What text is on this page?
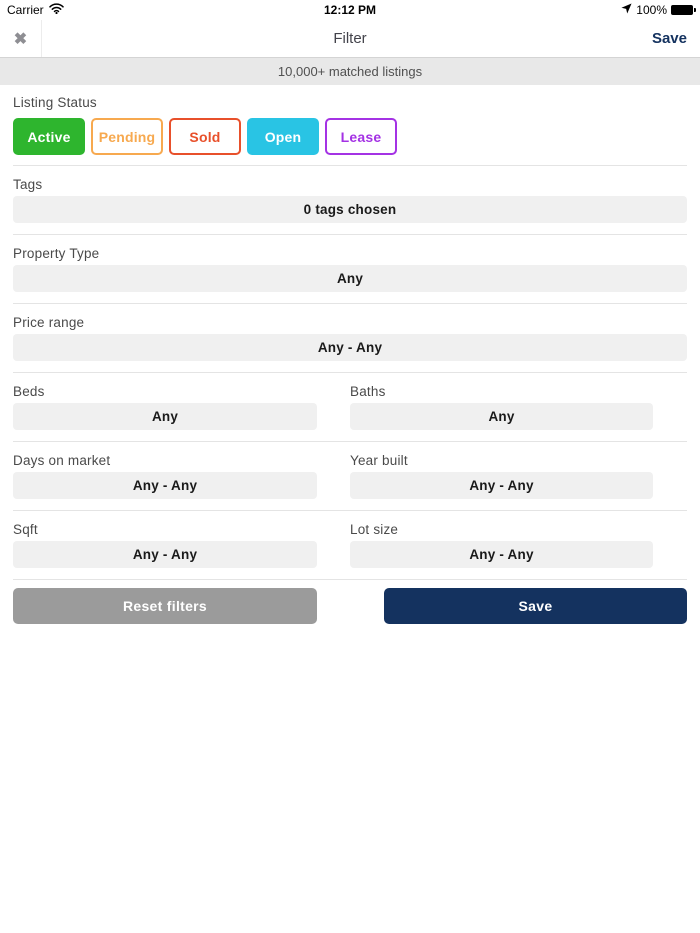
Carrier	12:12 PM	100%
✖	Filter	Save
10,000+ matched listings
Listing Status
Active	Pending	Sold	Open	Lease
Tags
0 tags chosen
Property Type
Any
Price range
Any - Any
Beds
Any
Baths
Any
Days on market
Any - Any
Year built
Any - Any
Sqft
Any - Any
Lot size
Any - Any
Reset filters	Save
